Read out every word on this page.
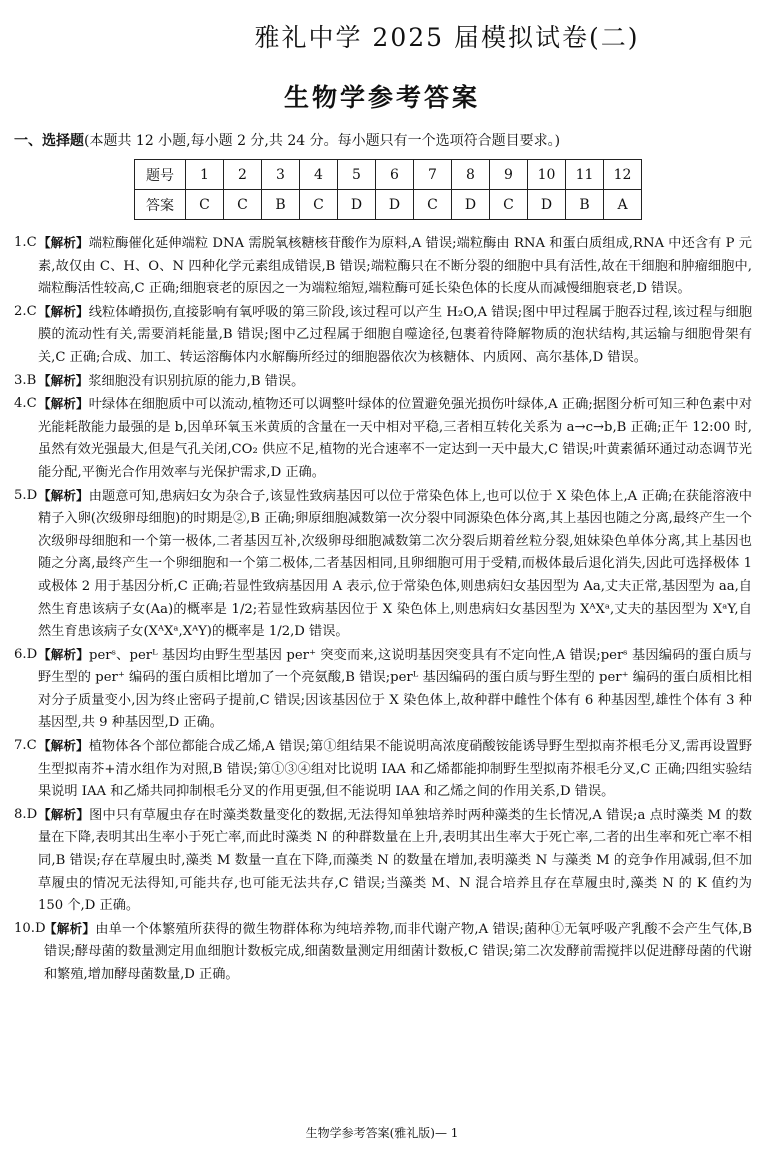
雅礼中学 2025 届模拟试卷(二)
生物学参考答案
一、选择题(本题共 12 小题,每小题 2 分,共 24 分。每小题只有一个选项符合题目要求。)
题号	1	2	3	4	5	6	7	8	9	10	11	12
答案	C	C	B	C	D	D	C	D	C	D	B	A
1.C 【解析】端粒酶催化延伸端粒 DNA 需脱氧核糖核苷酸作为原料,A 错误;端粒酶由 RNA 和蛋白质组成,RNA 中还含有 P 元素,故仅由 C、H、O、N 四种化学元素组成错误,B 错误;端粒酶只在不断分裂的细胞中具有活性,故在干细胞和肿瘤细胞中,端粒酶活性较高,C 正确;细胞衰老的原因之一为端粒缩短,端粒酶可延长染色体的长度从而减慢细胞衰老,D 错误。
2.C 【解析】线粒体嵴损伤,直接影响有氧呼吸的第三阶段,该过程可以产生 H₂O,A 错误;图中甲过程属于胞吞过程,该过程与细胞膜的流动性有关,需要消耗能量,B 错误;图中乙过程属于细胞自噬途径,包裹着待降解物质的泡状结构,其运输与细胞骨架有关,C 正确;合成、加工、转运溶酶体内水解酶所经过的细胞器依次为核糖体、内质网、高尔基体,D 错误。
3.B 【解析】浆细胞没有识别抗原的能力,B 错误。
4.C 【解析】叶绿体在细胞质中可以流动,植物还可以调整叶绿体的位置避免强光损伤叶绿体,A 正确;据图分析可知三种色素中对光能耗散能力最强的是 b,因单环氧玉米黄质的含量在一天中相对平稳,三者相互转化关系为 a→c→b,B 正确;正午 12:00 时,虽然有效光强最大,但是气孔关闭,CO₂ 供应不足,植物的光合速率不一定达到一天中最大,C 错误;叶黄素循环通过动态调节光能分配,平衡光合作用效率与光保护需求,D 正确。
5.D 【解析】由题意可知,患病妇女为杂合子,该显性致病基因可以位于常染色体上,也可以位于 X 染色体上,A 正确;在获能溶液中精子入卵(次级卵母细胞)的时期是②,B 正确;卵原细胞减数第一次分裂中同源染色体分离,其上基因也随之分离,最终产生一个次级卵母细胞和一个第一极体,二者基因互补,次级卵母细胞减数第二次分裂后期着丝粒分裂,姐妹染色单体分离,其上基因也随之分离,最终产生一个卵细胞和一个第二极体,二者基因相同,且卵细胞可用于受精,而极体最后退化消失,因此可选择极体 1 或极体 2 用于基因分析,C 正确;若显性致病基因用 A 表示,位于常染色体,则患病妇女基因型为 Aa,丈夫正常,基因型为 aa,自然生育患该病子女(Aa)的概率是 1/2;若显性致病基因位于 X 染色体上,则患病妇女基因型为 XᴬXᵃ,丈夫的基因型为 XᵃY,自然生育患该病子女(XᴬXᵃ,XᴬY)的概率是 1/2,D 错误。
6.D 【解析】perˢ、perᴸ 基因均由野生型基因 per⁺ 突变而来,这说明基因突变具有不定向性,A 错误;perˢ 基因编码的蛋白质与野生型的 per⁺ 编码的蛋白质相比增加了一个亮氨酸,B 错误;perᴸ 基因编码的蛋白质与野生型的 per⁺ 编码的蛋白质相比相对分子质量变小,因为终止密码子提前,C 错误;因该基因位于 X 染色体上,故种群中雌性个体有 6 种基因型,雄性个体有 3 种基因型,共 9 种基因型,D 正确。
7.C 【解析】植物体各个部位都能合成乙烯,A 错误;第①组结果不能说明高浓度硝酸铵能诱导野生型拟南芥根毛分叉,需再设置野生型拟南芥+清水组作为对照,B 错误;第①③④组对比说明 IAA 和乙烯都能抑制野生型拟南芥根毛分叉,C 正确;四组实验结果说明 IAA 和乙烯共同抑制根毛分叉的作用更强,但不能说明 IAA 和乙烯之间的作用关系,D 错误。
8.D 【解析】图中只有草履虫存在时藻类数量变化的数据,无法得知单独培养时两种藻类的生长情况,A 错误;a 点时藻类 M 的数量在下降,表明其出生率小于死亡率,而此时藻类 N 的种群数量在上升,表明其出生率大于死亡率,二者的出生率和死亡率不相同,B 错误;存在草履虫时,藻类 M 数量一直在下降,而藻类 N 的数量在增加,表明藻类 N 与藻类 M 的竞争作用减弱,但不加草履虫的情况无法得知,可能共存,也可能无法共存,C 错误;当藻类 M、N 混合培养且存在草履虫时,藻类 N 的 K 值约为 150 个,D 正确。
10.D
【解析】由单一个体繁殖所获得的微生物群体称为纯培养物,而非代谢产物,A 错误;菌种①无氧呼吸产乳酸不会产生气体,B 错误;酵母菌的数量测定用血细胞计数板完成,细菌数量测定用细菌计数板,C 错误;第二次发酵前需搅拌以促进酵母菌的代谢和繁殖,增加酵母菌数量,D 正确。
生物学参考答案(雅礼版)— 1
